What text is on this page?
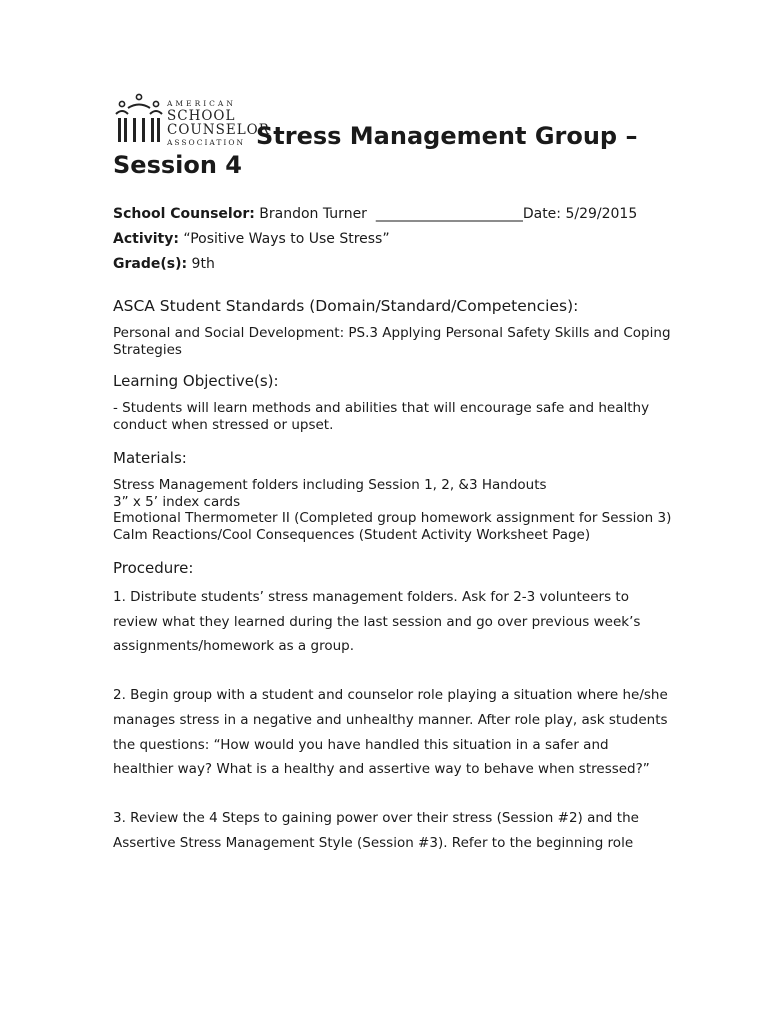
AMERICAN
SCHOOL
COUNSELOR
ASSOCIATION Stress Management Group –
Session 4
School Counselor: Brandon Turner  _____________________Date: 5/29/2015
Activity: “Positive Ways to Use Stress”
Grade(s): 9th
ASCA Student Standards (Domain/Standard/Competencies):

Personal and Social Development: PS.3 Applying Personal Safety Skills and Coping Strategies

Learning Objective(s):

- Students will learn methods and abilities that will encourage safe and healthy conduct when stressed or upset.

Materials:

Stress Management folders including Session 1, 2, &3 Handouts

3” x 5’ index cards

Emotional Thermometer II (Completed group homework assignment for Session 3)

Calm Reactions/Cool Consequences (Student Activity Worksheet Page)

Procedure:

1. Distribute students’ stress management folders. Ask for 2-3 volunteers to review what they learned during the last session and go over previous week’s assignments/homework as a group.

2. Begin group with a student and counselor role playing a situation where he/she manages stress in a negative and unhealthy manner. After role play, ask students the questions: “How would you have handled this situation in a safer and healthier way? What is a healthy and assertive way to behave when stressed?”

3. Review the 4 Steps to gaining power over their stress (Session #2) and the Assertive Stress Management Style (Session #3). Refer to the beginning role
